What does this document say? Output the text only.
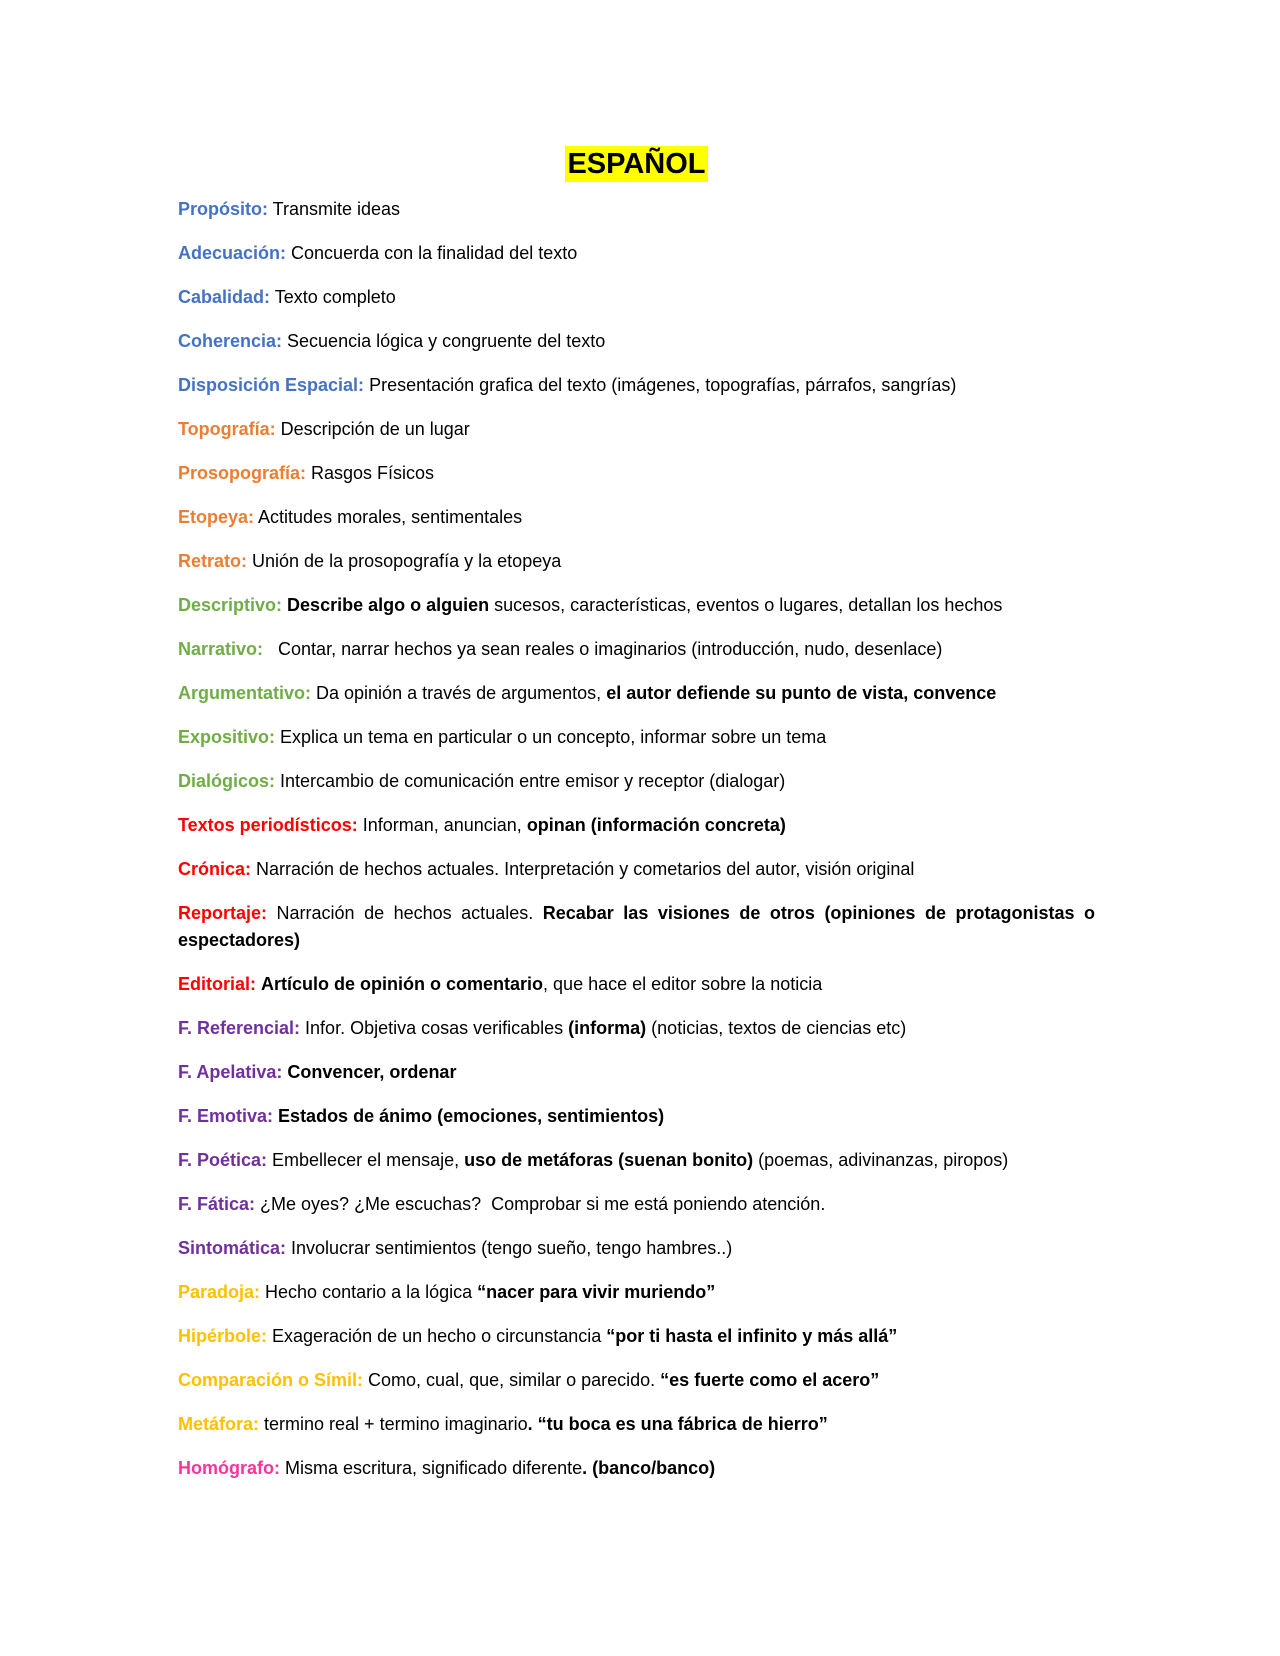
ESPAÑOL
Propósito: Transmite ideas
Adecuación: Concuerda con la finalidad del texto
Cabalidad: Texto completo
Coherencia: Secuencia lógica y congruente del texto
Disposición Espacial: Presentación grafica del texto (imágenes, topografías, párrafos, sangrías)
Topografía: Descripción de un lugar
Prosopografía: Rasgos Físicos
Etopeya: Actitudes morales, sentimentales
Retrato: Unión de la prosopografía y la etopeya
Descriptivo: Describe algo o alguien sucesos, características, eventos o lugares, detallan los hechos
Narrativo:   Contar, narrar hechos ya sean reales o imaginarios (introducción, nudo, desenlace)
Argumentativo: Da opinión a través de argumentos, el autor defiende su punto de vista, convence
Expositivo: Explica un tema en particular o un concepto, informar sobre un tema
Dialógicos: Intercambio de comunicación entre emisor y receptor (dialogar)
Textos periodísticos: Informan, anuncian, opinan (información concreta)
Crónica: Narración de hechos actuales. Interpretación y cometarios del autor, visión original
Reportaje: Narración de hechos actuales. Recabar las visiones de otros (opiniones de protagonistas o espectadores)
Editorial: Artículo de opinión o comentario, que hace el editor sobre la noticia
F. Referencial: Infor. Objetiva cosas verificables (informa) (noticias, textos de ciencias etc)
F. Apelativa: Convencer, ordenar
F. Emotiva: Estados de ánimo (emociones, sentimientos)
F. Poética: Embellecer el mensaje, uso de metáforas (suenan bonito) (poemas, adivinanzas, piropos)
F. Fática: ¿Me oyes? ¿Me escuchas?  Comprobar si me está poniendo atención.
Sintomática: Involucrar sentimientos (tengo sueño, tengo hambres..)
Paradoja: Hecho contario a la lógica “nacer para vivir muriendo”
Hipérbole: Exageración de un hecho o circunstancia “por ti hasta el infinito y más allá”
Comparación o Símil: Como, cual, que, similar o parecido. “es fuerte como el acero”
Metáfora: termino real + termino imaginario. “tu boca es una fábrica de hierro”
Homógrafo: Misma escritura, significado diferente. (banco/banco)
